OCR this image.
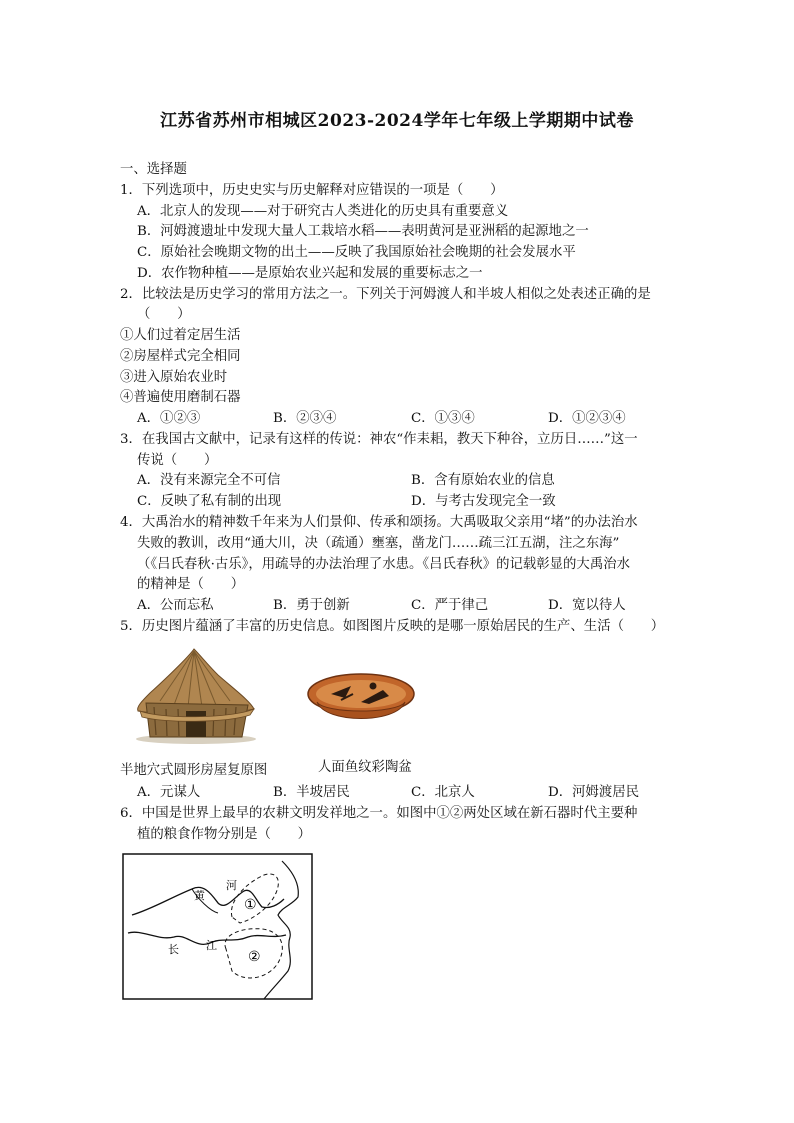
江苏省苏州市相城区2023-2024学年七年级上学期期中试卷
一、选择题
1．下列选项中，历史史实与历史解释对应错误的一项是（　　）
A．北京人的发现——对于研究古人类进化的历史具有重要意义
B．河姆渡遗址中发现大量人工栽培水稻——表明黄河是亚洲稻的起源地之一
C．原始社会晚期文物的出土——反映了我国原始社会晚期的社会发展水平
D．农作物种植——是原始农业兴起和发展的重要标志之一
2．比较法是历史学习的常用方法之一。下列关于河姆渡人和半坡人相似之处表述正确的是
（　　）
①人们过着定居生活
②房屋样式完全相同
③进入原始农业时
④普遍使用磨制石器
A．①②③	B．②③④	C．①③④	D．①②③④
3．在我国古文献中，记录有这样的传说：神农“作耒耜，教天下种谷，立历日……”这一
传说（　　）
A．没有来源完全不可信	B．含有原始农业的信息
C．反映了私有制的出现	D．与考古发现完全一致
4．大禹治水的精神数千年来为人们景仰、传承和颂扬。大禹吸取父亲用“堵”的办法治水
失败的教训，改用“通大川，决（疏通）壅塞，凿龙门……疏三江五湖，注之东海”
（《吕氏春秋·古乐》，用疏导的办法治理了水患。《吕氏春秋》的记载彰显的大禹治水
的精神是（　　）
A．公而忘私	B．勇于创新	C．严于律己	D．宽以待人
5．历史图片蕴涵了丰富的历史信息。如图图片反映的是哪一原始居民的生产、生活（　　）
半地穴式圆形房屋复原图	人面鱼纹彩陶盆
A．元谋人	B．半坡居民	C．北京人	D．河姆渡居民
6．中国是世界上最早的农耕文明发祥地之一。如图中①②两处区域在新石器时代主要种
植的粮食作物分别是（　　）
黄
河
长 江
①
②
